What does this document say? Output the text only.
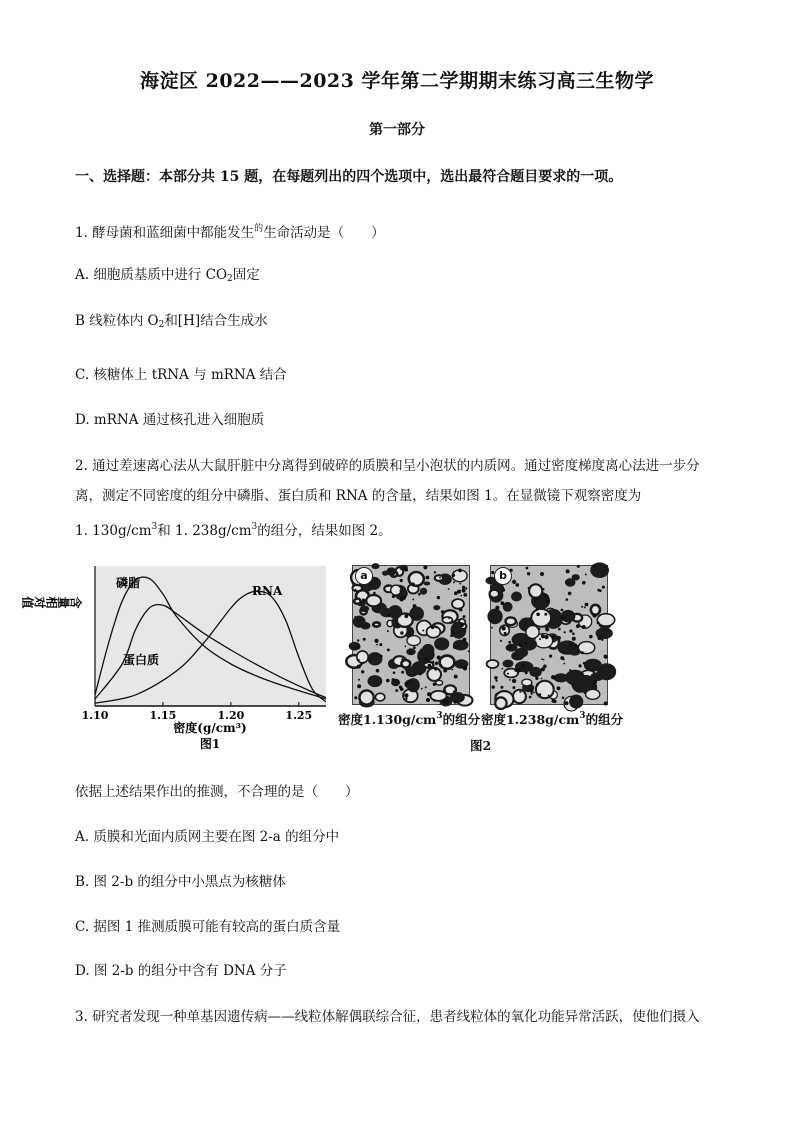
海淀区 2022——2023 学年第二学期期末练习高三生物学
第一部分
一、选择题：本部分共 15 题，在每题列出的四个选项中，选出最符合题目要求的一项。
1. 酵母菌和蓝细菌中都能发生$^的$生命活动是（　　）
A. 细胞质基质中进行 $CO_2$固定
B 线粒体内 $O_2$和[H]结合生成水
C. 核糖体上 tRNA 与 mRNA 结合
D. mRNA 通过核孔进入细胞质
2. 通过差速离心法从大鼠肝脏中分离得到破碎的质膜和呈小泡状的内质网。通过密度梯度离心法进一步分
离，测定不同密度的组分中磷脂、蛋白质和 RNA 的含量，结果如图 1。在显微镜下观察密度为
1. $130g/cm^3$和 1. $238g/cm^3$的组分，结果如图 2。
1.10	1.15	1.20	1.25
磷脂
蛋白质
RNA
含量相对值
密度(g/cm³)
图1
a	b
密度$1.130g/cm^3$的组分 密度$1.238g/cm^3$的组分
图2
依据上述结果作出的推测，不合理的是（　　）
A. 质膜和光面内质网主要在图 2-a 的组分中
B. 图 2-b 的组分中小黑点为核糖体
C. 据图 1 推测质膜可能有较高的蛋白质含量
D. 图 2-b 的组分中含有 DNA 分子
3. 研究者发现一种单基因遗传病——线粒体解偶联综合征，患者线粒体的氧化功能异常活跃，使他们摄入
